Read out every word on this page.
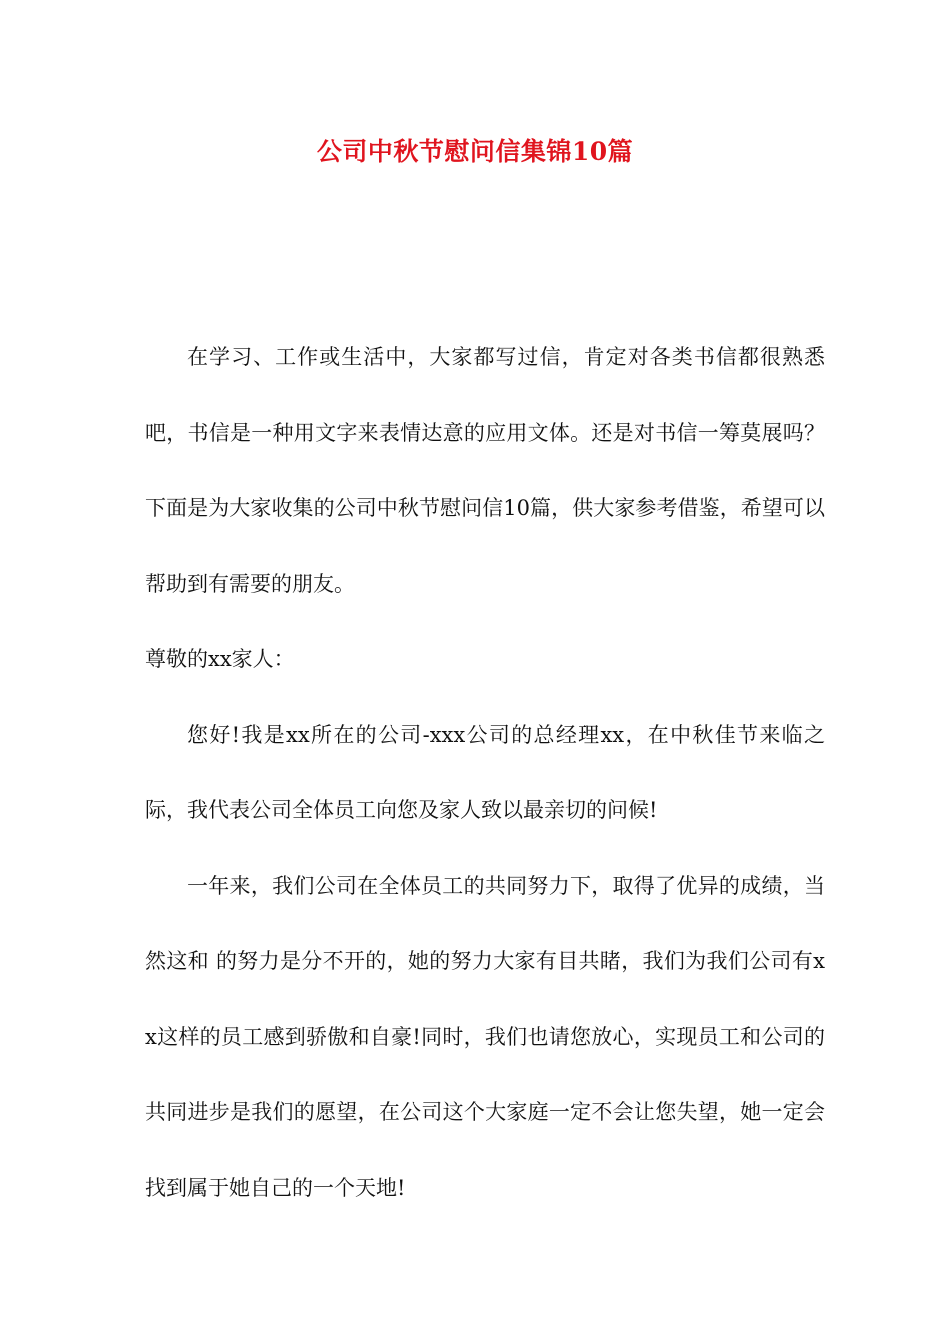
公司中秋节慰问信集锦10篇

在学习、工作或生活中，大家都写过信，肯定对各类书信都很熟悉吧，书信是一种用文字来表情达意的应用文体。还是对书信一筹莫展吗？下面是为大家收集的公司中秋节慰问信10篇，供大家参考借鉴，希望可以帮助到有需要的朋友。

尊敬的xx家人：

您好!我是xx所在的公司-xxx公司的总经理xx，在中秋佳节来临之际，我代表公司全体员工向您及家人致以最亲切的问候!

一年来，我们公司在全体员工的共同努力下，取得了优异的成绩，当然这和 的努力是分不开的，她的努力大家有目共睹，我们为我们公司有xx这样的员工感到骄傲和自豪!同时，我们也请您放心，实现员工和公司的共同进步是我们的愿望，在公司这个大家庭一定不会让您失望，她一定会找到属于她自己的一个天地!
